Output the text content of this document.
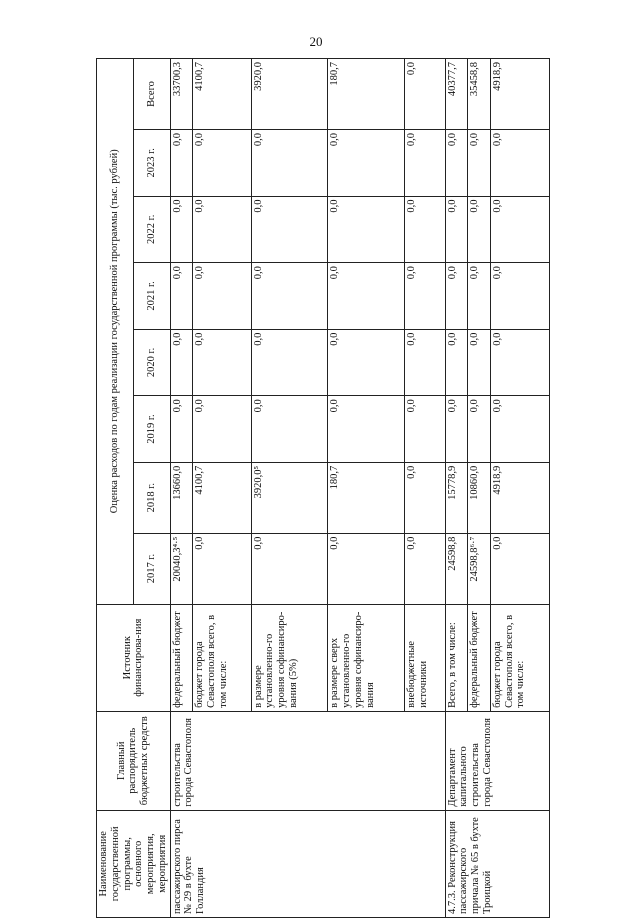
20
Наименование государственной программы, основного мероприятия, мероприятия	Главный распорядитель бюджетных средств	Источник финансирова-ния	Оценка расходов по годам реализации государственной программы (тыс. рублей)							
			2017 г.	2018 г.	2019 г.	2020 г.	2021 г.	2022 г.	2023 г.	Всего
пассажирского пирса № 29 в бухте Голландия	строительства города Севастополя	федеральный бюджет	20040,3⁴·⁵	13660,0	0,0	0,0	0,0	0,0	0,0	33700,3
		бюджет города Севастополя всего, в том числе:	0,0	4100,7	0,0	0,0	0,0	0,0	0,0	4100,7
		в размере установленно-го уровня софинансиро-вания (5%)	0,0	3920,0⁵	0,0	0,0	0,0	0,0	0,0	3920,0
		в размере сверх установленно-го уровня софинансиро-вания	0,0	180,7	0,0	0,0	0,0	0,0	0,0	180,7
		внебюджетные источники	0,0	0,0	0,0	0,0	0,0	0,0	0,0	0,0
4.7.3. Реконструкция пассажирского причала № 65 в бухте Троицкой	Департамент капитального строительства города Севастополя	Всего, в том числе:	24598,8	15778,9	0,0	0,0	0,0	0,0	0,0	40377,7
		федеральный бюджет	24598,8⁶·⁷	10860,0	0,0	0,0	0,0	0,0	0,0	35458,8
		бюджет города Севастополя всего, в том числе:	0,0	4918,9	0,0	0,0	0,0	0,0	0,0	4918,9
